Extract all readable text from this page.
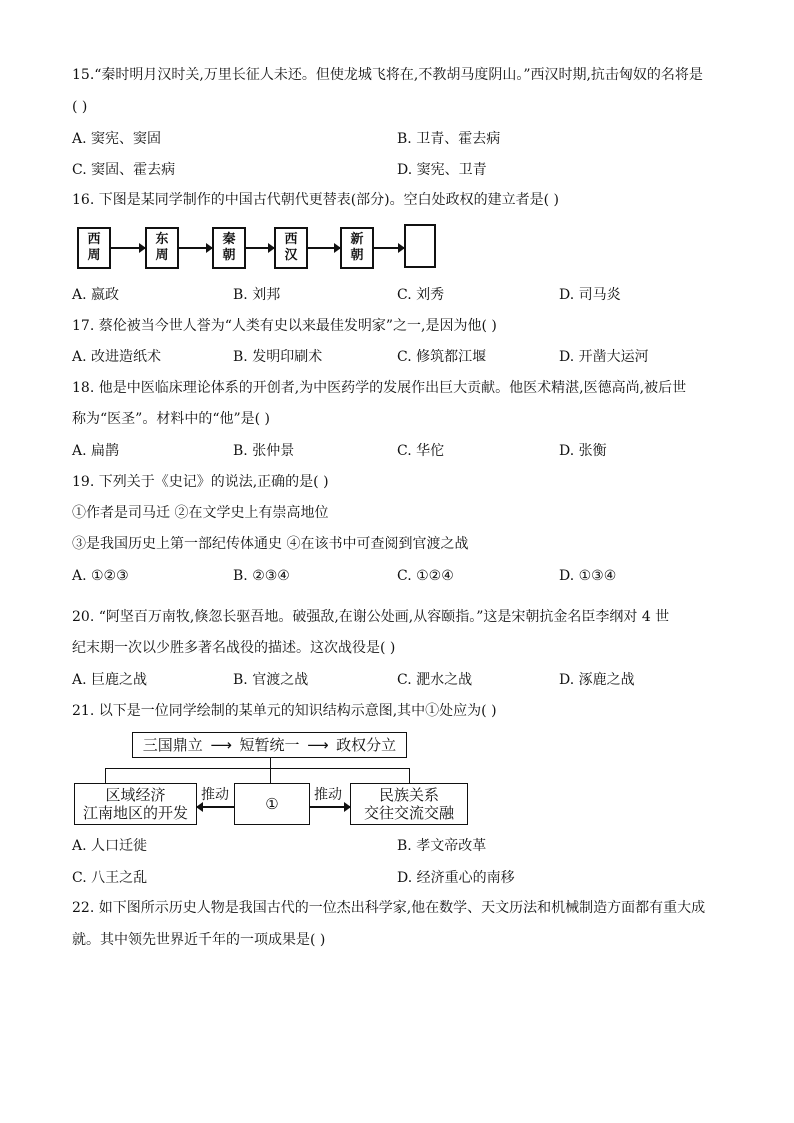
15.“秦时明月汉时关,万里长征人未还。但使龙城飞将在,不教胡马度阴山。”西汉时期,抗击匈奴的名将是
( )
A. 窦宪、窦固	B. 卫青、霍去病
C. 窦固、霍去病	D. 窦宪、卫青
16. 下图是某同学制作的中国古代朝代更替表(部分)。空白处政权的建立者是( )
西周
东周
秦朝
西汉
新朝
A. 嬴政	B. 刘邦	C. 刘秀	D. 司马炎
17. 蔡伦被当今世人誉为“人类有史以来最佳发明家”之一,是因为他( )
A. 改进造纸术	B. 发明印刷术	C. 修筑都江堰	D. 开凿大运河
18. 他是中医临床理论体系的开创者,为中医药学的发展作出巨大贡献。他医术精湛,医德高尚,被后世
称为“医圣”。材料中的“他”是( )
A. 扁鹊	B. 张仲景	C. 华佗	D. 张衡
19. 下列关于《史记》的说法,正确的是( )
①作者是司马迁 ②在文学史上有崇高地位
③是我国历史上第一部纪传体通史 ④在该书中可查阅到官渡之战
A. ①②③	B. ②③④	C. ①②④	D. ①③④
20. “阿坚百万南牧,倏忽长驱吾地。破强敌,在谢公处画,从容颐指。”这是宋朝抗金名臣李纲对 4 世
纪末期一次以少胜多著名战役的描述。这次战役是( )
A. 巨鹿之战	B. 官渡之战	C. 淝水之战	D. 涿鹿之战
21. 以下是一位同学绘制的某单元的知识结构示意图,其中①处应为( )
三国鼎立 ⟶ 短暂统一 ⟶ 政权分立
区域经济
江南地区的开发
推动 ①	推动 民族关系
交往交流交融
A. 人口迁徙	B. 孝文帝改革
C. 八王之乱	D. 经济重心的南移
22. 如下图所示历史人物是我国古代的一位杰出科学家,他在数学、天文历法和机械制造方面都有重大成
就。其中领先世界近千年的一项成果是( )
